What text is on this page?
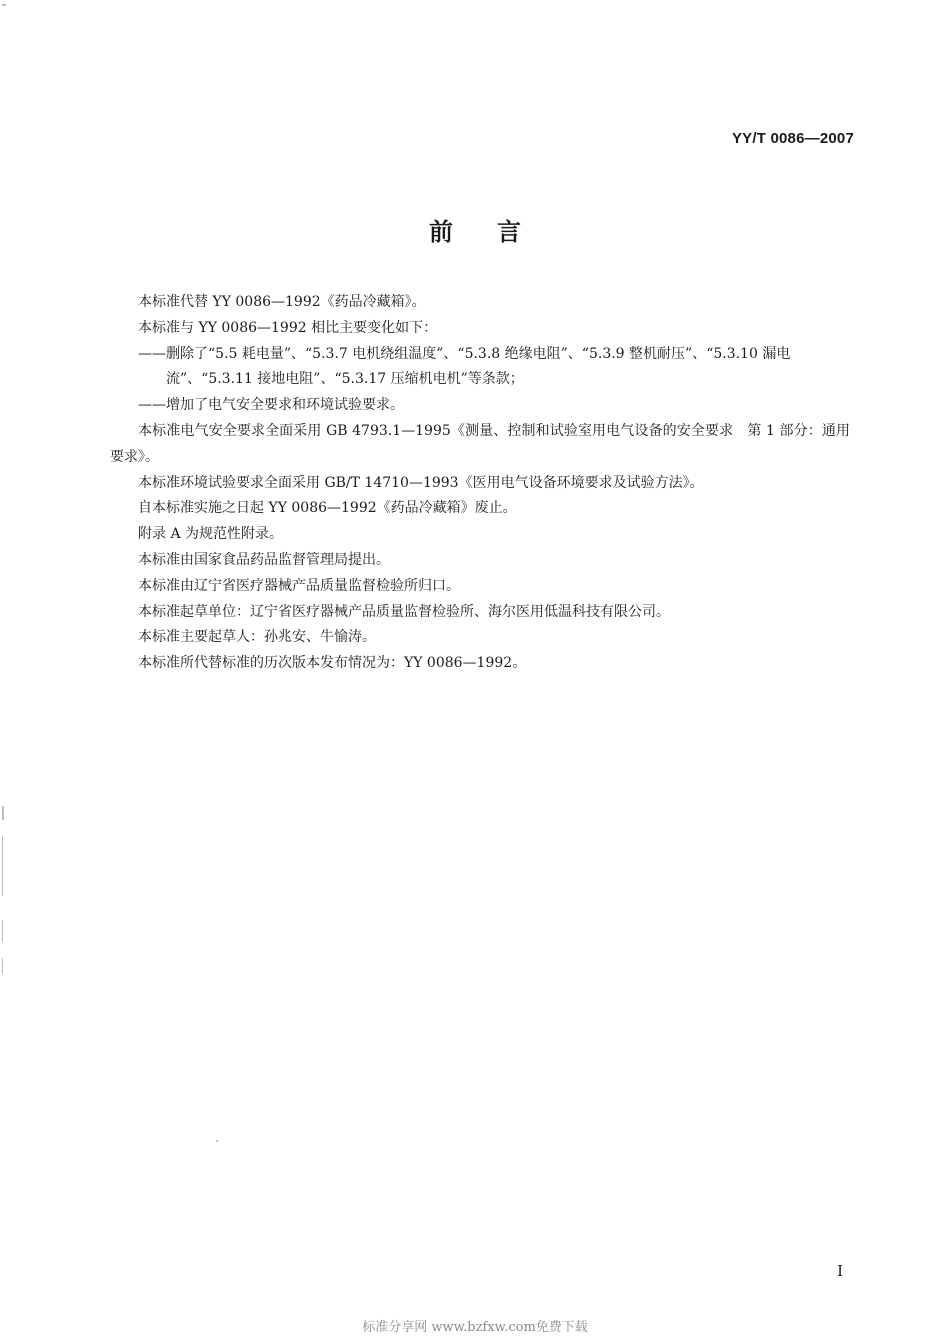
YY/T 0086—2007
前言

本标准代替 YY 0086—1992《药品冷藏箱》。

本标准与 YY 0086—1992 相比主要变化如下：

——删除了“5.5 耗电量”、“5.3.7 电机绕组温度”、“5.3.8 绝缘电阻”、“5.3.9 整机耐压”、“5.3.10 漏电流”、“5.3.11 接地电阻”、“5.3.17 压缩机电机”等条款；

——增加了电气安全要求和环境试验要求。

本标准电气安全要求全面采用 GB 4793.1—1995《测量、控制和试验室用电气设备的安全要求　第 1 部分：通用要求》。

本标准环境试验要求全面采用 GB/T 14710—1993《医用电气设备环境要求及试验方法》。

自本标准实施之日起 YY 0086—1992《药品冷藏箱》废止。

附录 A 为规范性附录。

本标准由国家食品药品监督管理局提出。

本标准由辽宁省医疗器械产品质量监督检验所归口。

本标准起草单位：辽宁省医疗器械产品质量监督检验所、海尔医用低温科技有限公司。

本标准主要起草人：孙兆安、牛愉涛。

本标准所代替标准的历次版本发布情况为：YY 0086—1992。

I
标准分享网 www.bzfxw.com免费下载
